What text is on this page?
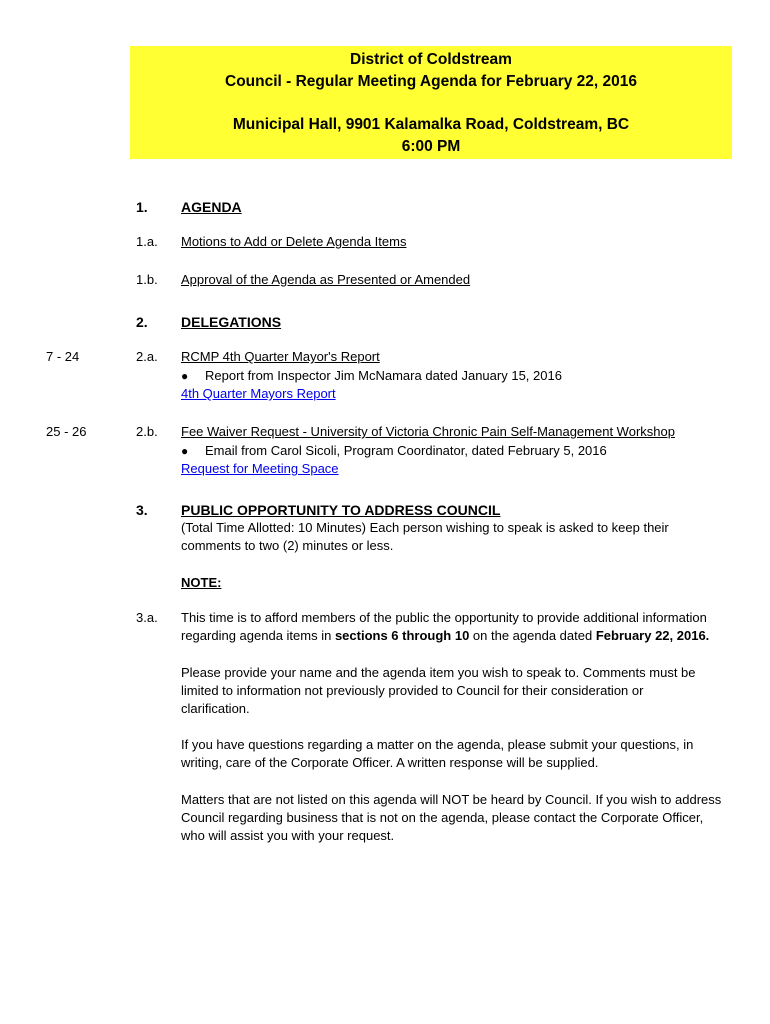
District of Coldstream
Council - Regular Meeting Agenda for February 22, 2016
Municipal Hall, 9901 Kalamalka Road, Coldstream, BC
6:00 PM
1. AGENDA
1.a. Motions to Add or Delete Agenda Items
1.b. Approval of the Agenda as Presented or Amended
2. DELEGATIONS
7 - 24	2.a. RCMP 4th Quarter Mayor's Report
● Report from Inspector Jim McNamara dated January 15, 2016
4th Quarter Mayors Report
25 - 26	2.b. Fee Waiver Request - University of Victoria Chronic Pain Self-Management Workshop
● Email from Carol Sicoli, Program Coordinator, dated February 5, 2016
Request for Meeting Space
3. PUBLIC OPPORTUNITY TO ADDRESS COUNCIL
(Total Time Allotted: 10 Minutes) Each person wishing to speak is asked to keep their comments to two (2) minutes or less.
NOTE:
3.a. This time is to afford members of the public the opportunity to provide additional information regarding agenda items in sections 6 through 10 on the agenda dated February 22, 2016.
Please provide your name and the agenda item you wish to speak to. Comments must be limited to information not previously provided to Council for their consideration or clarification.
If you have questions regarding a matter on the agenda, please submit your questions, in writing, care of the Corporate Officer. A written response will be supplied.
Matters that are not listed on this agenda will NOT be heard by Council. If you wish to address Council regarding business that is not on the agenda, please contact the Corporate Officer, who will assist you with your request.
